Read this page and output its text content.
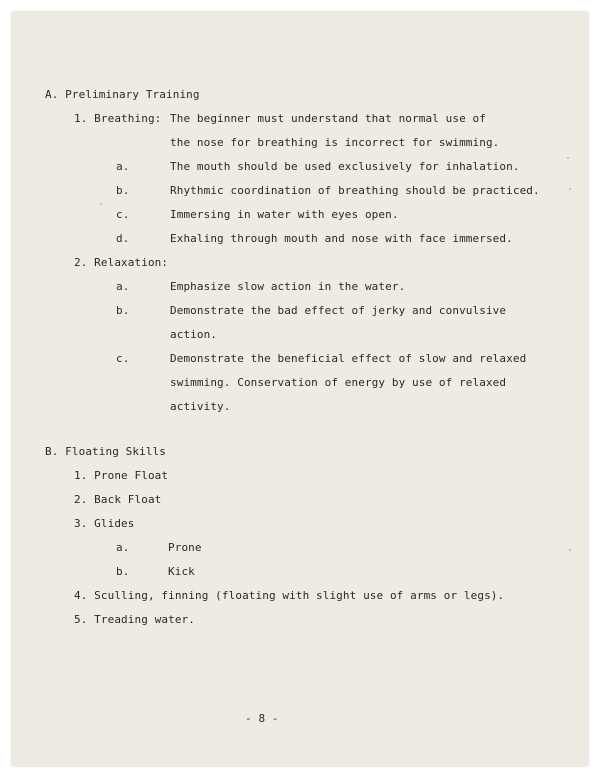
A. Preliminary Training
1. Breathing: The beginner must understand that normal use of
the nose for breathing is incorrect for swimming.
a.	The mouth should be used exclusively for inhalation.
b.	Rhythmic coordination of breathing should be practiced.
c.	Immersing in water with eyes open.
d.	Exhaling through mouth and nose with face immersed.
2. Relaxation:
a.	Emphasize slow action in the water.
b.	Demonstrate the bad effect of jerky and convulsive
action.
c.	Demonstrate the beneficial effect of slow and relaxed
swimming. Conservation of energy by use of relaxed
activity.
B. Floating Skills
1. Prone Float
2. Back Float
3. Glides
a.	Prone
b.	Kick
4. Sculling, finning (floating with slight use of arms or legs).
5. Treading water.
- 8 -
